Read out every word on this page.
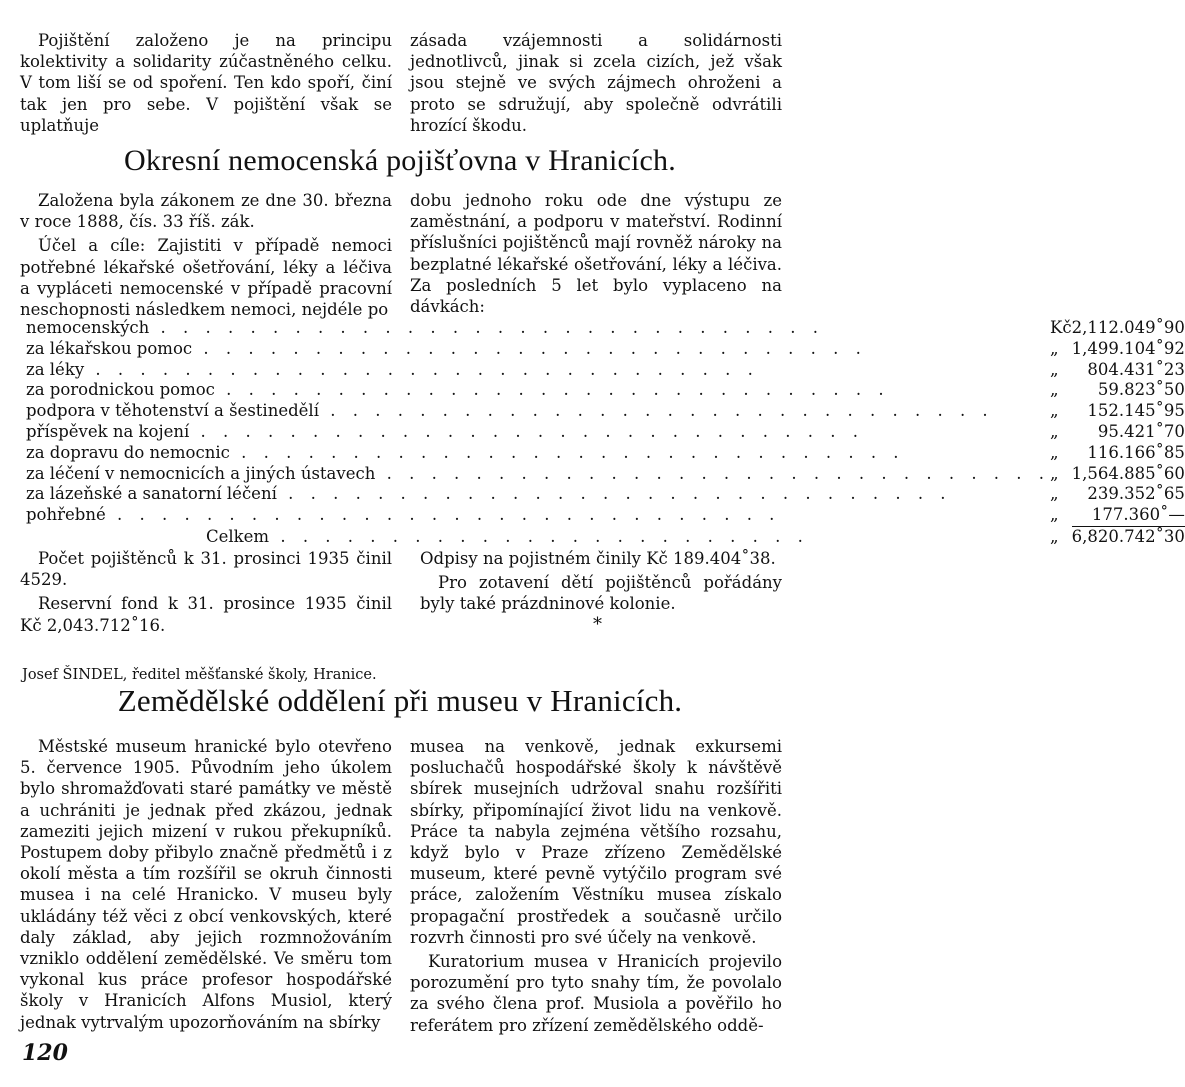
Pojištění založeno je na principu kolektivity a solidarity zúčastněného celku. V tom liší se od spoření. Ten kdo spoří, činí tak jen pro sebe. V pojištění však se uplatňuje

zásada vzájemnosti a solidárnosti jednotlivců, jinak si zcela cizích, jež však jsou stejně ve svých zájmech ohroženi a proto se sdružují, aby společně odvrátili hrozící škodu.

Okresní nemocenská pojišťovna v Hranicích.

Založena byla zákonem ze dne 30. března v roce 1888, čís. 33 říš. zák.

Účel a cíle: Zajistiti v případě nemoci potřebné lékařské ošetřování, léky a léčiva a vypláceti nemocenské v případě pracovní neschopnosti následkem nemoci, nejdéle po

dobu jednoho roku ode dne výstupu ze zaměstnání, a podporu v mateřství. Rodinní příslušníci pojištěnců mají rovněž nároky na bezplatné lékařské ošetřování, léky a léčiva. Za posledních 5 let bylo vyplaceno na dávkách:

nemocenských . . . . . . . . . . . . . . . . . . . . . . . . . . . . . .	Kč	2,112.049˚90
za lékařskou pomoc . . . . . . . . . . . . . . . . . . . . . . . . . . . . . .	„	1,499.104˚92
za léky . . . . . . . . . . . . . . . . . . . . . . . . . . . . . .	„	804.431˚23
za porodnickou pomoc . . . . . . . . . . . . . . . . . . . . . . . . . . . . . .	„	59.823˚50
podpora v těhotenství a šestinedělí . . . . . . . . . . . . . . . . . . . . . . . . . . . . . .	„	152.145˚95
příspěvek na kojení . . . . . . . . . . . . . . . . . . . . . . . . . . . . . .	„	95.421˚70
za dopravu do nemocnic . . . . . . . . . . . . . . . . . . . . . . . . . . . . . .	„	116.166˚85
za léčení v nemocnicích a jiných ústavech . . . . . . . . . . . . . . . . . . . . . . . . . . . . . .	„	1,564.885˚60
za lázeňské a sanatorní léčení . . . . . . . . . . . . . . . . . . . . . . . . . . . . . .	„	239.352˚65
pohřebné . . . . . . . . . . . . . . . . . . . . . . . . . . . . . .	„	177.360˚—
Celkem . . . . . . . . . . . . . . . . . . . . . . . .	„	6,820.742˚30

Počet pojištěnců k 31. prosinci 1935 činil 4529.

Reservní fond k 31. prosince 1935 činil Kč 2,043.712˚16.

Odpisy na pojistném činily Kč 189.404˚38.

Pro zotavení dětí pojištěnců pořádány byly také prázdninové kolonie.

*
Josef ŠINDEL, ředitel měšťanské školy, Hranice.
Zemědělské oddělení při museu v Hranicích.

Městské museum hranické bylo otevřeno 5. července 1905. Původním jeho úkolem bylo shromažďovati staré památky ve městě a uchrániti je jednak před zkázou, jednak zameziti jejich mizení v rukou překupníků. Postupem doby přibylo značně předmětů i z okolí města a tím rozšířil se okruh činnosti musea i na celé Hranicko. V museu byly ukládány též věci z obcí venkovských, které daly základ, aby jejich rozmnožováním vzniklo oddělení zemědělské. Ve směru tom vykonal kus práce profesor hospodářské školy v Hranicích Alfons Musiol, který jednak vytrvalým upozorňováním na sbírky

musea na venkově, jednak exkursemi posluchačů hospodářské školy k návštěvě sbírek musejních udržoval snahu rozšířiti sbírky, připomínající život lidu na venkově. Práce ta nabyla zejména většího rozsahu, když bylo v Praze zřízeno Zemědělské museum, které pevně vytýčilo program své práce, založením Věstníku musea získalo propagační prostředek a současně určilo rozvrh činnosti pro své účely na venkově.

Kuratorium musea v Hranicích projevilo porozumění pro tyto snahy tím, že povolalo za svého člena prof. Musiola a pověřilo ho referátem pro zřízení zemědělského oddě-

120
